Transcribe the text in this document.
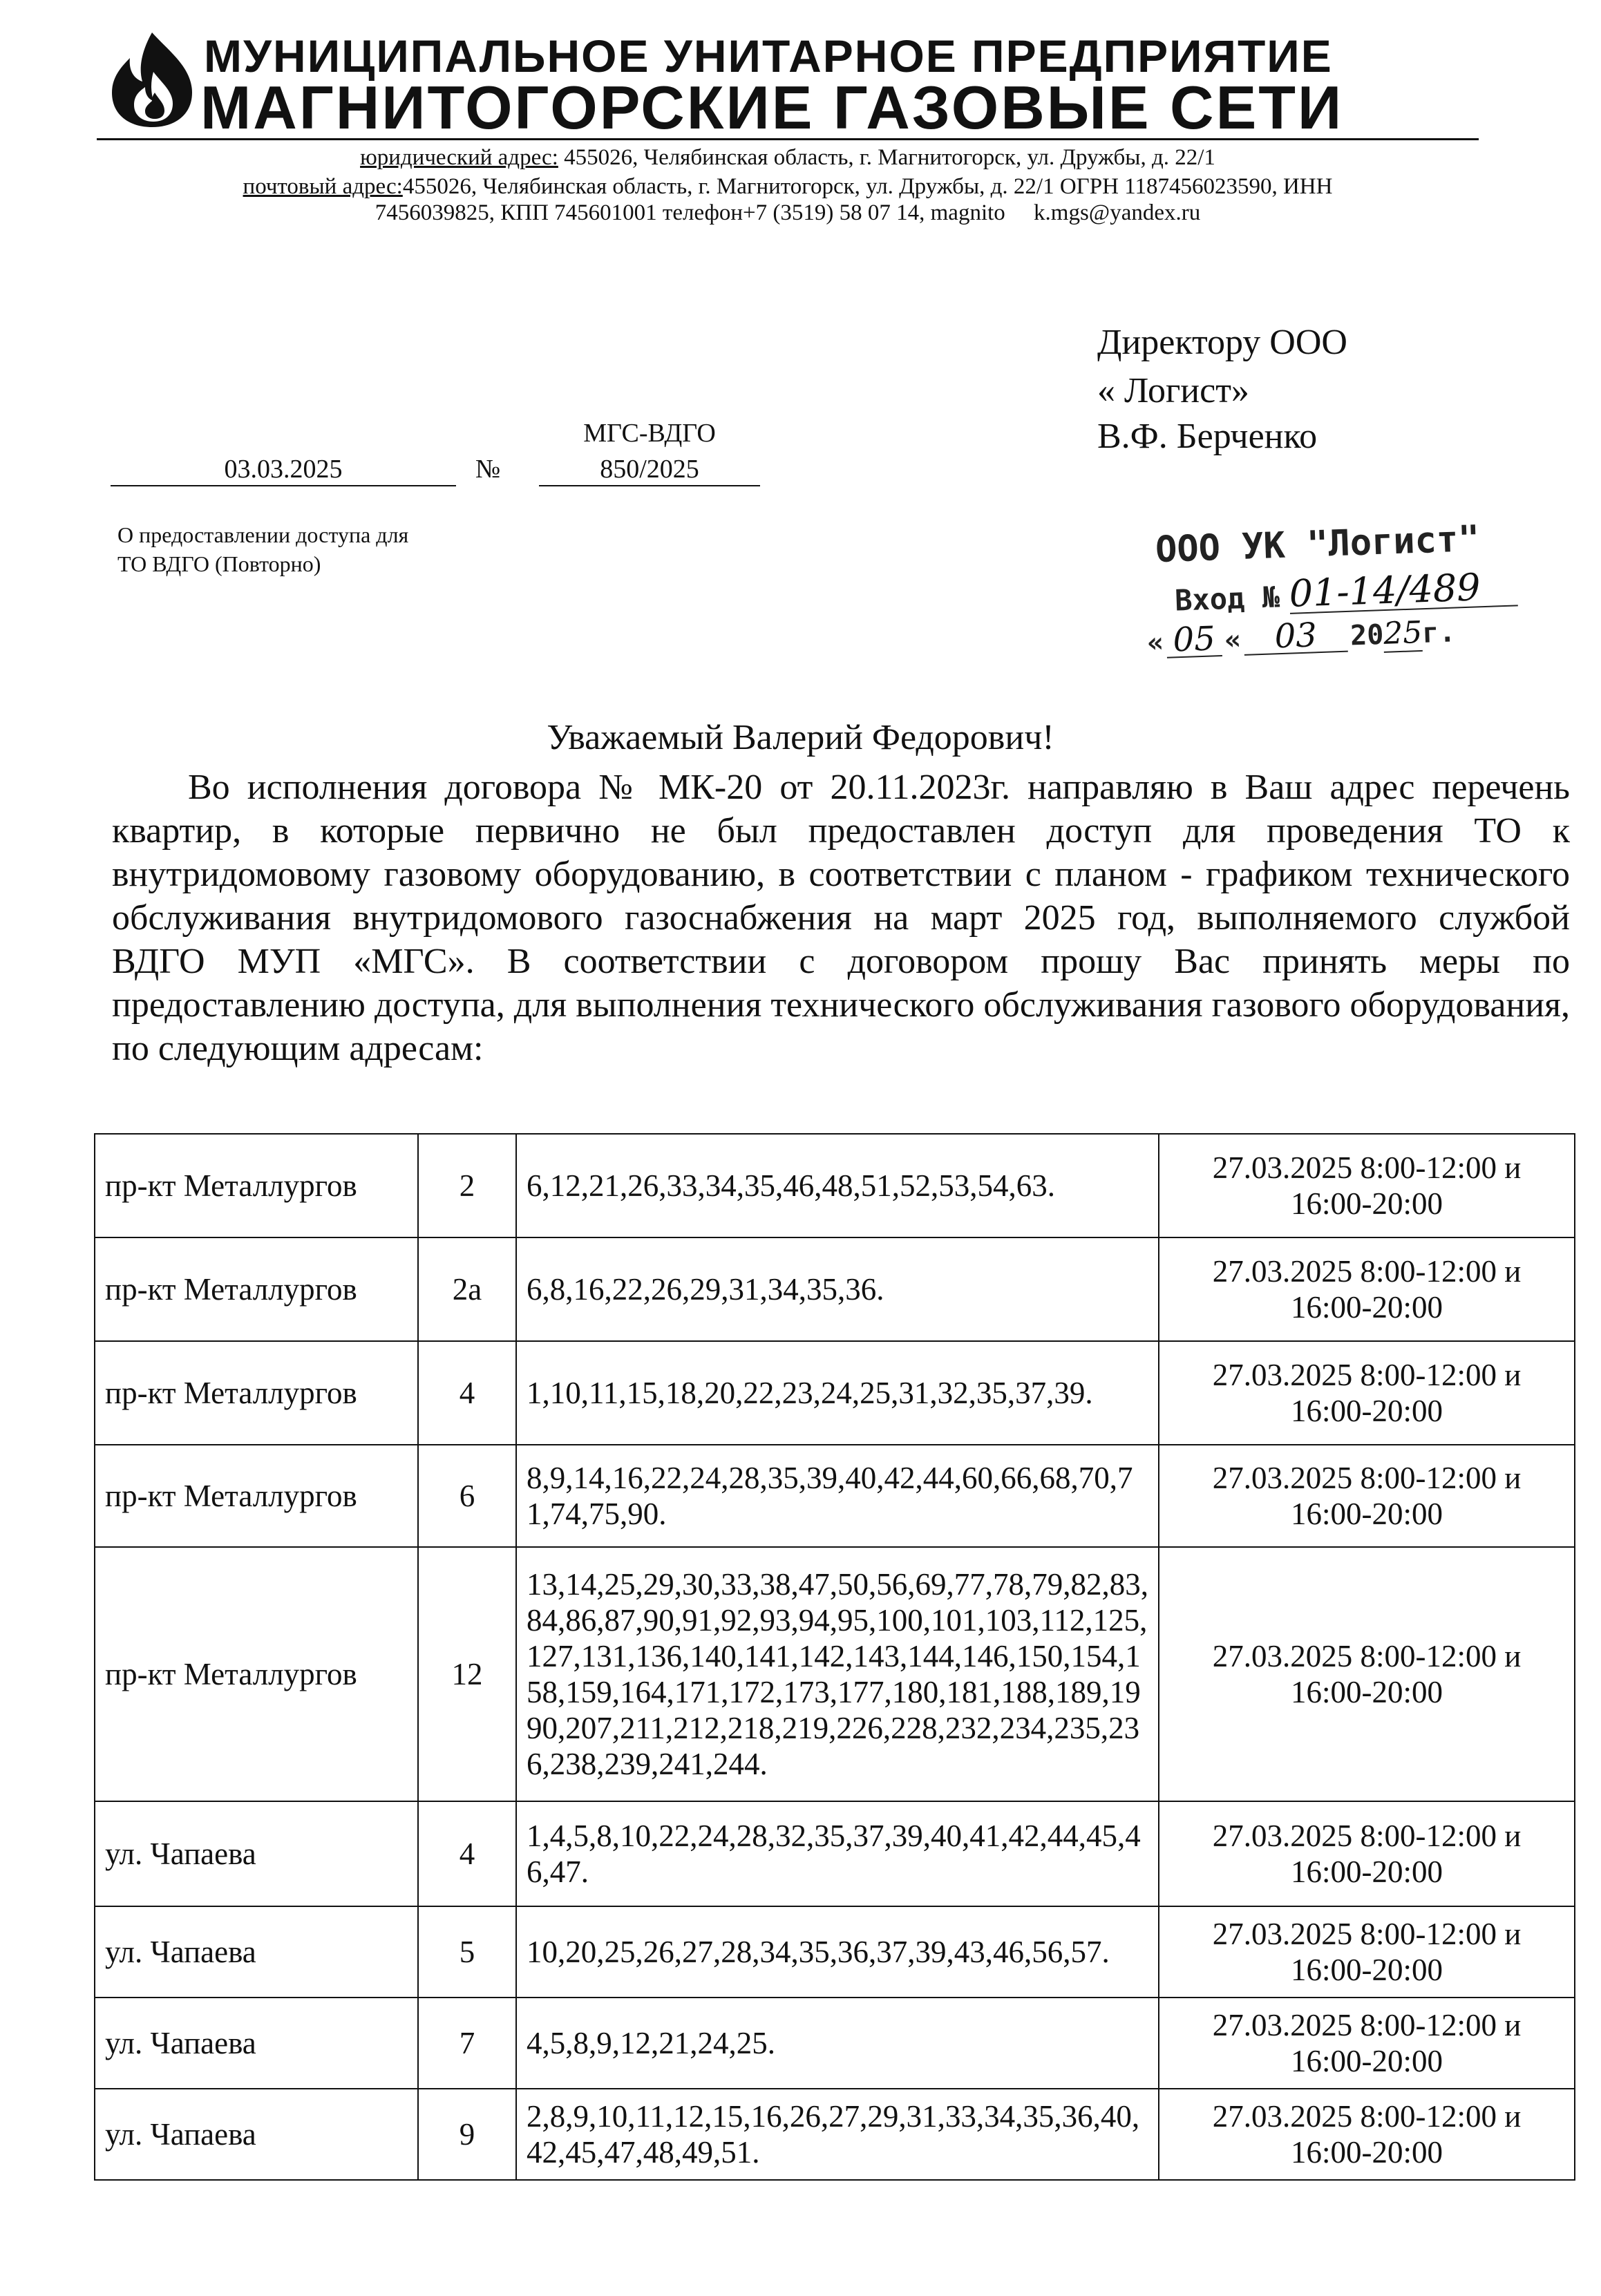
МУНИЦИПАЛЬНОЕ УНИТАРНОЕ ПРЕДПРИЯТИЕ
МАГНИТОГОРСКИЕ ГАЗОВЫЕ СЕТИ
юридический адрес: 455026, Челябинская область, г. Магнитогорск, ул. Дружбы, д. 22/1
почтовый адрес:455026, Челябинская область, г. Магнитогорск, ул. Дружбы, д. 22/1 ОГРН 1187456023590, ИНН
7456039825, КПП 745601001 телефон+7 (3519) 58 07 14, magnito     k.mgs@yandex.ru
Директору ООО
« Логист»
В.Ф. Берченко
03.03.2025	№
МГС-ВДГО
850/2025
О предоставлении доступа для
ТО ВДГО (Повторно)	ООО УК "Логист"
Вход № 01-14/489
« 05 « 03 2025г.
Уважаемый Валерий Федорович!
Во исполнения договора № МК-20 от 20.11.2023г. направляю в Ваш адрес перечень квартир, в которые первично не был предоставлен доступ для проведения ТО к внутридомовому газовому оборудованию, в соответствии с планом - графиком технического обслуживания внутридомового газоснабжения на март 2025 год, выполняемого службой ВДГО МУП «МГС». В соответствии с договором прошу Вас принять меры по предоставлению доступа, для выполнения технического обслуживания газового оборудования, по следующим адресам:
пр-кт Металлургов	2	6,12,21,26,33,34,35,46,48,51,52,53,54,63.	27.03.2025 8:00-12:00 и 16:00-20:00
пр-кт Металлургов	2а	6,8,16,22,26,29,31,34,35,36.	27.03.2025 8:00-12:00 и 16:00-20:00
пр-кт Металлургов	4	1,10,11,15,18,20,22,23,24,25,31,32,35,37,39.	27.03.2025 8:00-12:00 и 16:00-20:00
пр-кт Металлургов	6	8,9,14,16,22,24,28,35,39,40,42,44,60,66,68,70,71,74,75,90.	27.03.2025 8:00-12:00 и 16:00-20:00
пр-кт Металлургов	12	13,14,25,29,30,33,38,47,50,56,69,77,78,79,82,83,84,86,87,90,91,92,93,94,95,100,101,103,112,125,127,131,136,140,141,142,143,144,146,150,154,158,159,164,171,172,173,177,180,181,188,189,1990,207,211,212,218,219,226,228,232,234,235,236,238,239,241,244.	27.03.2025 8:00-12:00 и 16:00-20:00
ул. Чапаева	4	1,4,5,8,10,22,24,28,32,35,37,39,40,41,42,44,45,46,47.	27.03.2025 8:00-12:00 и 16:00-20:00
ул. Чапаева	5	10,20,25,26,27,28,34,35,36,37,39,43,46,56,57.	27.03.2025 8:00-12:00 и 16:00-20:00
ул. Чапаева	7	4,5,8,9,12,21,24,25.	27.03.2025 8:00-12:00 и 16:00-20:00
ул. Чапаева	9	2,8,9,10,11,12,15,16,26,27,29,31,33,34,35,36,40,42,45,47,48,49,51.	27.03.2025 8:00-12:00 и 16:00-20:00
